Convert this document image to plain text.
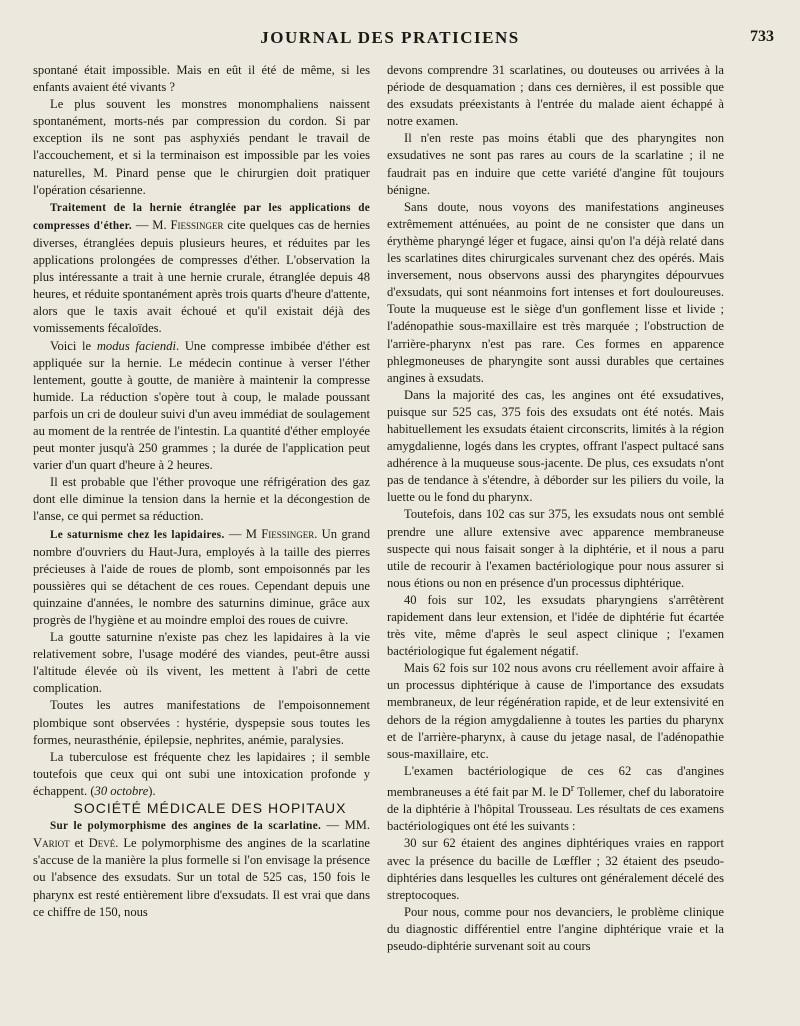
JOURNAL DES PRATICIENS	733

spontané était impossible. Mais en eût il été de même, si les enfants avaient été vivants ?

Le plus souvent les monstres monomphaliens naissent spontanément, morts-nés par compression du cordon. Si par exception ils ne sont pas asphyxiés pendant le travail de l'accouchement, et si la terminaison est impossible par les voies naturelles, M. Pinard pense que le chirurgien doit pratiquer l'opération césarienne.

Traitement de la hernie étranglée par les applications de compresses d'éther. — M. Fiessinger cite quelques cas de hernies diverses, étranglées depuis plusieurs heures, et réduites par les applications prolongées de compresses d'éther. L'observation la plus intéressante a trait à une hernie crurale, étranglée depuis 48 heures, et réduite spontanément après trois quarts d'heure d'attente, alors que le taxis avait échoué et qu'il existait déjà des vomissements fécaloïdes.

Voici le modus faciendi. Une compresse imbibée d'éther est appliquée sur la hernie. Le médecin continue à verser l'éther lentement, goutte à goutte, de manière à maintenir la compresse humide. La réduction s'opère tout à coup, le malade poussant parfois un cri de douleur suivi d'un aveu immédiat de soulagement au moment de la rentrée de l'intestin. La quantité d'éther employée peut monter jusqu'à 250 grammes ; la durée de l'application peut varier d'un quart d'heure à 2 heures.

Il est probable que l'éther provoque une réfrigération des gaz dont elle diminue la tension dans la hernie et la décongestion de l'anse, ce qui permet sa réduction.

Le saturnisme chez les lapidaires. — M Fiessinger. Un grand nombre d'ouvriers du Haut-Jura, employés à la taille des pierres précieuses à l'aide de roues de plomb, sont empoisonnés par les poussières qui se détachent de ces roues. Cependant depuis une quinzaine d'années, le nombre des saturnins diminue, grâce aux progrès de l'hygiène et au moindre emploi des roues de cuivre.

La goutte saturnine n'existe pas chez les lapidaires à la vie relativement sobre, l'usage modéré des viandes, peut-être aussi l'altitude élevée où ils vivent, les mettent à l'abri de cette complication.

Toutes les autres manifestations de l'empoisonnement plombique sont observées : hystérie, dyspepsie sous toutes les formes, neurasthénie, épilepsie, nephrites, anémie, paralysies.

La tuberculose est fréquente chez les lapidaires ; il semble toutefois que ceux qui ont subi une intoxication profonde y échappent. (30 octobre).

SOCIÉTÉ MÉDICALE DES HOPITAUX

Sur le polymorphisme des angines de la scarlatine. — MM. Variot et Devé. Le polymorphisme des angines de la scarlatine s'accuse de la manière la plus formelle si l'on envisage la présence ou l'absence des exsudats. Sur un total de 525 cas, 150 fois le pharynx est resté entièrement libre d'exsudats. Il est vrai que dans ce chiffre de 150, nous

devons comprendre 31 scarlatines, ou douteuses ou arrivées à la période de desquamation ; dans ces dernières, il est possible que des exsudats préexistants à l'entrée du malade aient échappé à notre examen.

Il n'en reste pas moins établi que des pharyngites non exsudatives ne sont pas rares au cours de la scarlatine ; il ne faudrait pas en induire que cette variété d'angine fût toujours bénigne.

Sans doute, nous voyons des manifestations angineuses extrêmement atténuées, au point de ne consister que dans un érythème pharyngé léger et fugace, ainsi qu'on l'a déjà relaté dans les scarlatines dites chirurgicales survenant chez des opérés. Mais inversement, nous observons aussi des pharyngites dépourvues d'exsudats, qui sont néanmoins fort intenses et fort douloureuses. Toute la muqueuse est le siège d'un gonflement lisse et livide ; l'adénopathie sous-maxillaire est très marquée ; l'obstruction de l'arrière-pharynx n'est pas rare. Ces formes en apparence phlegmoneuses de pharyngite sont aussi durables que certaines angines à exsudats.

Dans la majorité des cas, les angines ont été exsudatives, puisque sur 525 cas, 375 fois des exsudats ont été notés. Mais habituellement les exsudats étaient circonscrits, limités à la région amygdalienne, logés dans les cryptes, offrant l'aspect pultacé sans adhérence à la muqueuse sous-jacente. De plus, ces exsudats n'ont pas de tendance à s'étendre, à déborder sur les piliers du voile, la luette ou le fond du pharynx.

Toutefois, dans 102 cas sur 375, les exsudats nous ont semblé prendre une allure extensive avec apparence membraneuse suspecte qui nous faisait songer à la diphtérie, et il nous a paru utile de recourir à l'examen bactériologique pour nous assurer si nous étions ou non en présence d'un processus diphtérique.

40 fois sur 102, les exsudats pharyngiens s'arrêtèrent rapidement dans leur extension, et l'idée de diphtérie fut écartée très vite, même d'après le seul aspect clinique ; l'examen bactériologique fut également négatif.

Mais 62 fois sur 102 nous avons cru réellement avoir affaire à un processus diphtérique à cause de l'importance des exsudats membraneux, de leur régénération rapide, et de leur extensivité en dehors de la région amygdalienne à toutes les parties du pharynx et de l'arrière-pharynx, à cause du jetage nasal, de l'adénopathie sous-maxillaire, etc.

L'examen bactériologique de ces 62 cas d'angines membraneuses a été fait par M. le $D^r$ Tollemer, chef du laboratoire de la diphtérie à l'hôpital Trousseau. Les résultats de ces examens bactériologiques ont été les suivants :

30 sur 62 étaient des angines diphtériques vraies en rapport avec la présence du bacille de Lœffler ; 32 étaient des pseudo-diphtéries dans lesquelles les cultures ont généralement décelé des streptocoques.

Pour nous, comme pour nos devanciers, le problème clinique du diagnostic différentiel entre l'angine diphtérique vraie et la pseudo-diphtérie survenant soit au cours
